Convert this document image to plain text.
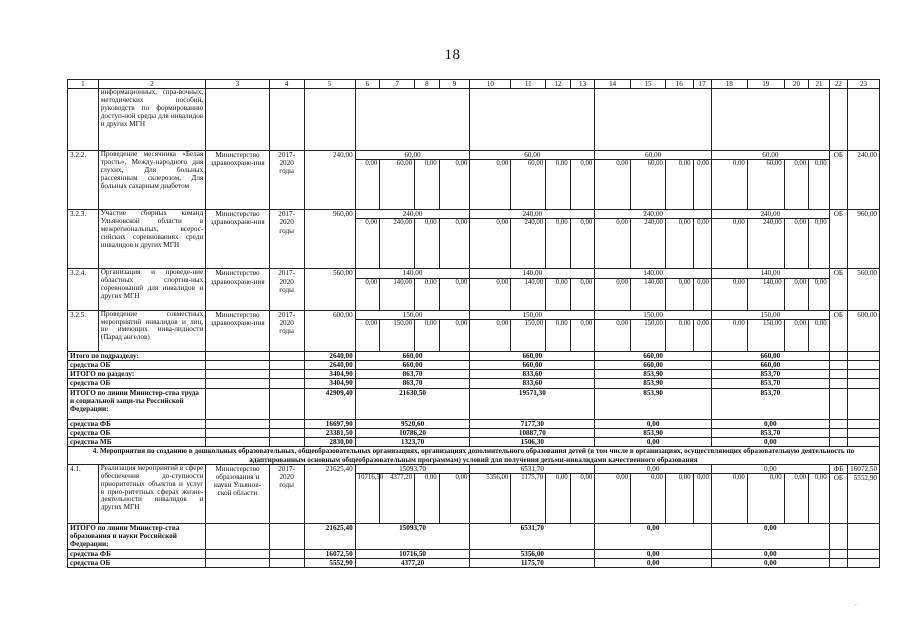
18
1	2	3	4	5	6	7	8	9	10	11	12	13	14	15	16	17	18	19	20	21	22	23
	информационных, спра-вочных, методических пособий, руководств по формированию доступ-ной среды для инвалидов и других МГН																					
3.2.2.	Проведение месячника «Белая трость», Между-народного дня глухих, Для больных рассеянным склерозом, Для больных сахарным диабетом	Министерство здравоохране-ния	2017-2020 годы	240,00	60,00				60,00				60,00				60,00				ОБ	240,00
					0,00	60,00	0,00	0,00	0,00	60,00	0,00	0,00	0,00	60,00	0,00	0,00	0,00	60,00	0,00	0,00		
3.2.3.	Участие сборных команд Ульяновской области в межрегиональных, всерос-сийских соревнованиях среди инвалидов и других МГН	Министерство здравоохране-ния	2017-2020 годы	960,00	240,00				240,00				240,00				240,00				ОБ	960,00
					0,00	240,00	0,00	0,00	0,00	240,00	0,00	0,00	0,00	240,00	0,00	0,00	0,00	240,00	0,00	0,00		
3.2.4.	Организация и проведе-ние областных спортив-ных соревнований для инвалидов и других МГН	Министерство здравоохране-ния	2017-2020 годы	560,00	140,00				140,00				140,00				140,00				ОБ	560,00
					0,00	140,00	0,00	0,00	0,00	140,00	0,00	0,00	0,00	140,00	0,00	0,00	0,00	140,00	0,00	0,00		
3.2.5.	Проведение совместных мероприятий инвалидов и лиц, не имеющих инва-лидности (Парад ангелов)	Министерство здравоохране-ния	2017-2020 годы	600,00	150,00				150,00				150,00				150,00				ОБ	600,00
					0,00	150,00	0,00	0,00	0,00	150,00	0,00	0,00	0,00	150,00	0,00	0,00	0,00	150,00	0,00	0,00		
Итого по подразделу:				2640,00	660,00				660,00				660,00				660,00					
средства ОБ				2640,00	660,00				660,00				660,00				660,00					
ИТОГО по разделу:				3404,90	863,70				833,60				853,90				853,70					
средства ОБ				3404,90	863,70				833,60				853,90				853,70					
ИТОГО по линии Министер-ства труда и социальной защи-ты Российской Федерации:				42909,40	21630,50				19571,30				853,90				853,70					
средства ФБ				16697,90	9520,60				7177,30				0,00				0,00					
средства ОБ				23381,50	10786,20				10887,70				853,90				853,70					
средства МБ				2830,00	1323,70				1506,30				0,00				0,00					
4. Мероприятия по созданию в дошкольных образовательных, общеобразовательных организациях, организациях дополнительного образования детей (в том числе в организациях, осуществляющих образовательную деятельность по адаптированным основным общеобразовательным программам) условий для получения детьми-инвалидами качественного образования																						
4.1.	Реализация мероприятий в сфере обеспечения до-ступности приоритетных объектов и услуг в прио-ритетных сферах жизне-деятельности инвалидов и других МГН	Министерство образования и науки Ульянов-ской области	2017-2020 годы	21625,40	15093,70				6531,70				0,00				0,00				ФБ	16072,50
					10716,50	4377,20	0,00	0,00	5356,00	1175,70	0,00	0,00	0,00	0,00	0,00	0,00	0,00	0,00	0,00	0,00	ОБ	5552,90
ИТОГО по линии Министер-ства образования и науки Российской Федерации:				21625,40	15093,70				6531,70				0,00				0,00					
средства ФБ				16072,50	10716,50				5356,00				0,00				0,00					
средства ОБ				5552,90	4377,20				1175,70				0,00				0,00					
.
